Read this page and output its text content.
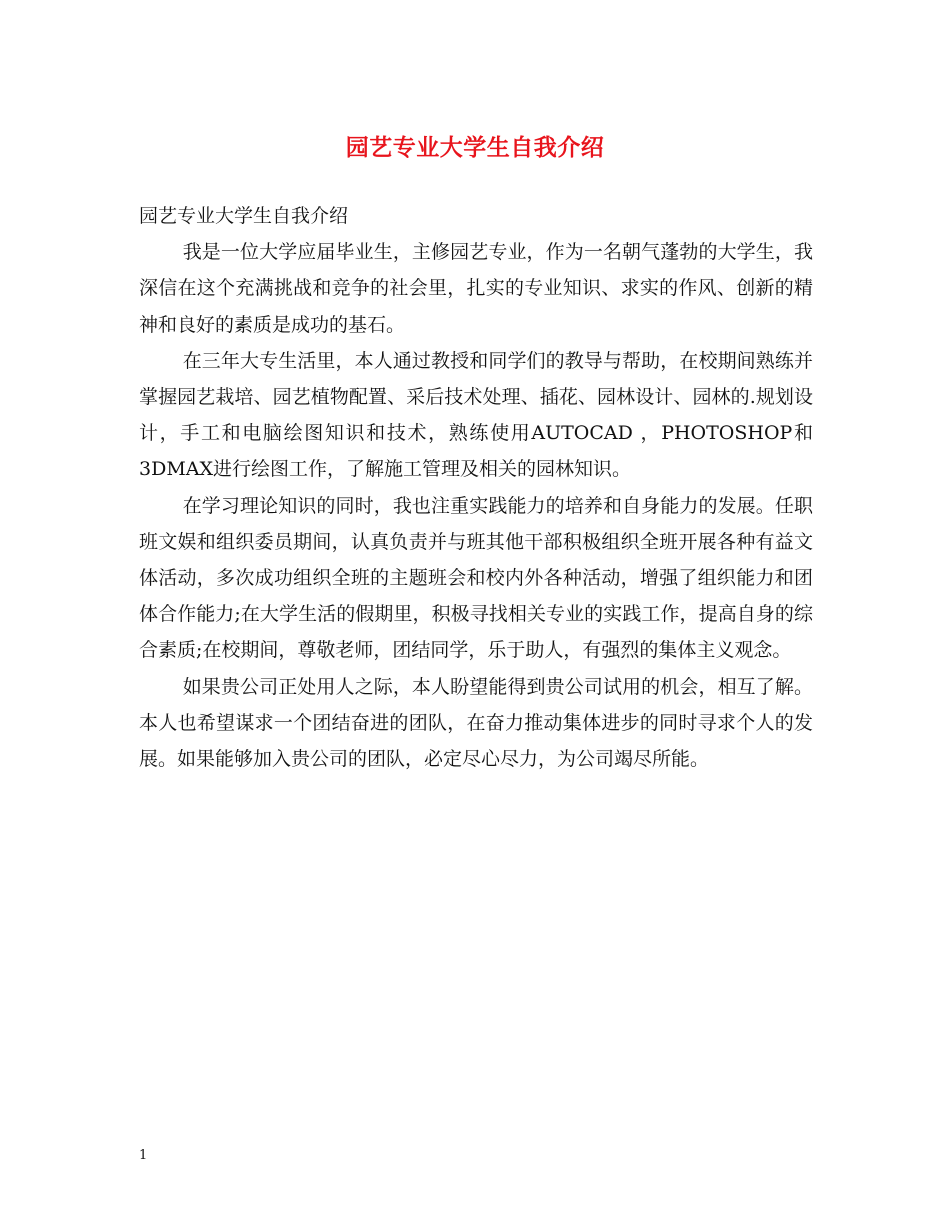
园艺专业大学生自我介绍

园艺专业大学生自我介绍

我是一位大学应届毕业生，主修园艺专业，作为一名朝气蓬勃的大学生，我深信在这个充满挑战和竞争的社会里，扎实的专业知识、求实的作风、创新的精神和良好的素质是成功的基石。

在三年大专生活里，本人通过教授和同学们的教导与帮助，在校期间熟练并掌握园艺栽培、园艺植物配置、采后技术处理、插花、园林设计、园林的.规划设计，手工和电脑绘图知识和技术，熟练使用AUTOCAD ，PHOTOSHOP和3DMAX进行绘图工作，了解施工管理及相关的园林知识。

在学习理论知识的同时，我也注重实践能力的培养和自身能力的发展。任职班文娱和组织委员期间，认真负责并与班其他干部积极组织全班开展各种有益文体活动，多次成功组织全班的主题班会和校内外各种活动，增强了组织能力和团体合作能力;在大学生活的假期里，积极寻找相关专业的实践工作，提高自身的综合素质;在校期间，尊敬老师，团结同学，乐于助人，有强烈的集体主义观念。

如果贵公司正处用人之际，本人盼望能得到贵公司试用的机会，相互了解。本人也希望谋求一个团结奋进的团队，在奋力推动集体进步的同时寻求个人的发展。如果能够加入贵公司的团队，必定尽心尽力，为公司竭尽所能。

1
